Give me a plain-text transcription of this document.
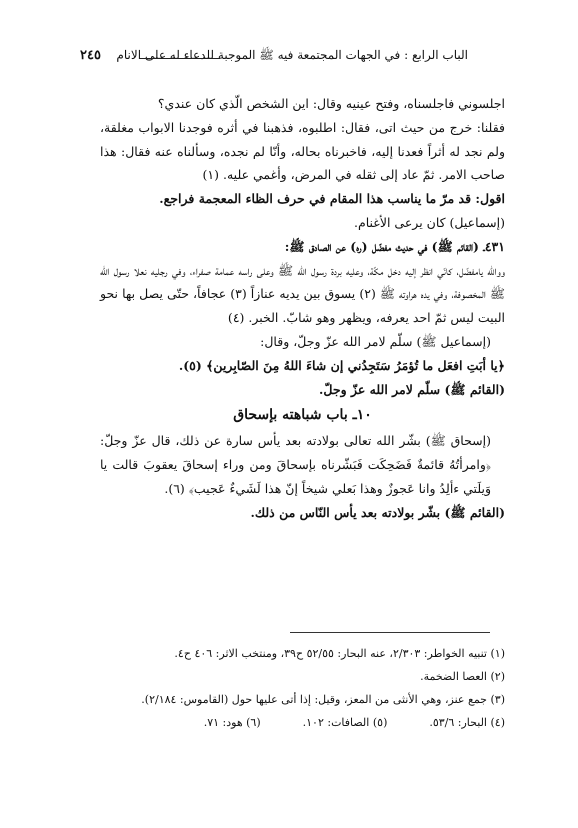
الباب الرابع : في الجهات المجتمعة فيه ﷺ الموجبة للدعاء له على الانام
٢٤٥

اجلسوني فاجلسناه، وفتح عينيه وقال: اين الشخص الّذي كان عندي؟

فقلنا: خرج من حيث اتى، فقال: اطلبوه، فذهبنا في أثره فوجدنا الابواب مغلقة، ولم نجد له أثراً فعدنا إليه، فاخبرناه بحاله، وأنّا لم نجده، وسألناه عنه فقال: هذا صاحب الامر. ثمّ عاد إلى ثقله في المرض، وأغمي عليه. (١)

اقول: قد مرّ ما يناسب هذا المقام في حرف الظاء المعجمة فراجع.

(إسماعيل) كان يرعى الأغنام.

٤٣١ـ (القائم ﷺ) في حديث مفضّل (ره) عن الصادق ﷺ:

ووالله يامفضّل، كانّي انظر إليه دخل مكّة، وعليه بردة رسول الله ﷺ وعلى راسه عمامة صفراء، وفي رجليه نعلا رسول الله ﷺ المخصوفة، وفي يده هراوته ﷺ (٢) يسوق بين يديه عنازاً (٣) عجافاً، حتّى يصل بها نحو البيت ليس ثمّ احد يعرفه، ويظهر وهو شابّ. الخبر. (٤)

(إسماعيل ﷺ) سلّم لامر الله عزّ وجلّ، وقال:

﴿يا أبَتِ افعَل ما تُؤمَرُ سَتَجِدُني إن شاءَ اللهُ مِنَ الصّابِرين﴾ (٥).

(القائم ﷺ) سلّم لامر الله عزّ وجلّ.

١٠ـ باب شباهته بإسحاق

(إسحاق ﷺ) بشّر الله تعالى بولادته بعد يأس سارة عن ذلك، قال عزّ وجلّ: ﴿وامرأتُهُ قائمةٌ فَضَحِكَت فَبَشّرناه بإسحاقَ ومن وراء إسحاقَ يعقوبَ قالت يا وَيلَتي ءألِدُ وانا عَجوزٌ وهذا بَعلي شيخاً إنّ هذا لَشَيءٌ عَجيب﴾ (٦).

(القائم ﷺ) بشّر بولادته بعد يأس النّاس من ذلك.

(١) تنبيه الخواطر: ٢/٣٠٣، عنه البحار: ٥٢/٥٥ ح٣٩، ومنتخب الاثر: ٤٠٦ ح٤.

(٢) العصا الضخمة.

(٣) جمع عنز، وهي الأنثى من المعز، وقيل: إذا أتى عليها حول (القاموس: ٢/١٨٤).

(٤) البحار: ٥٣/٦.
(٥) الصافات: ١٠٢.
(٦) هود: ٧١.
